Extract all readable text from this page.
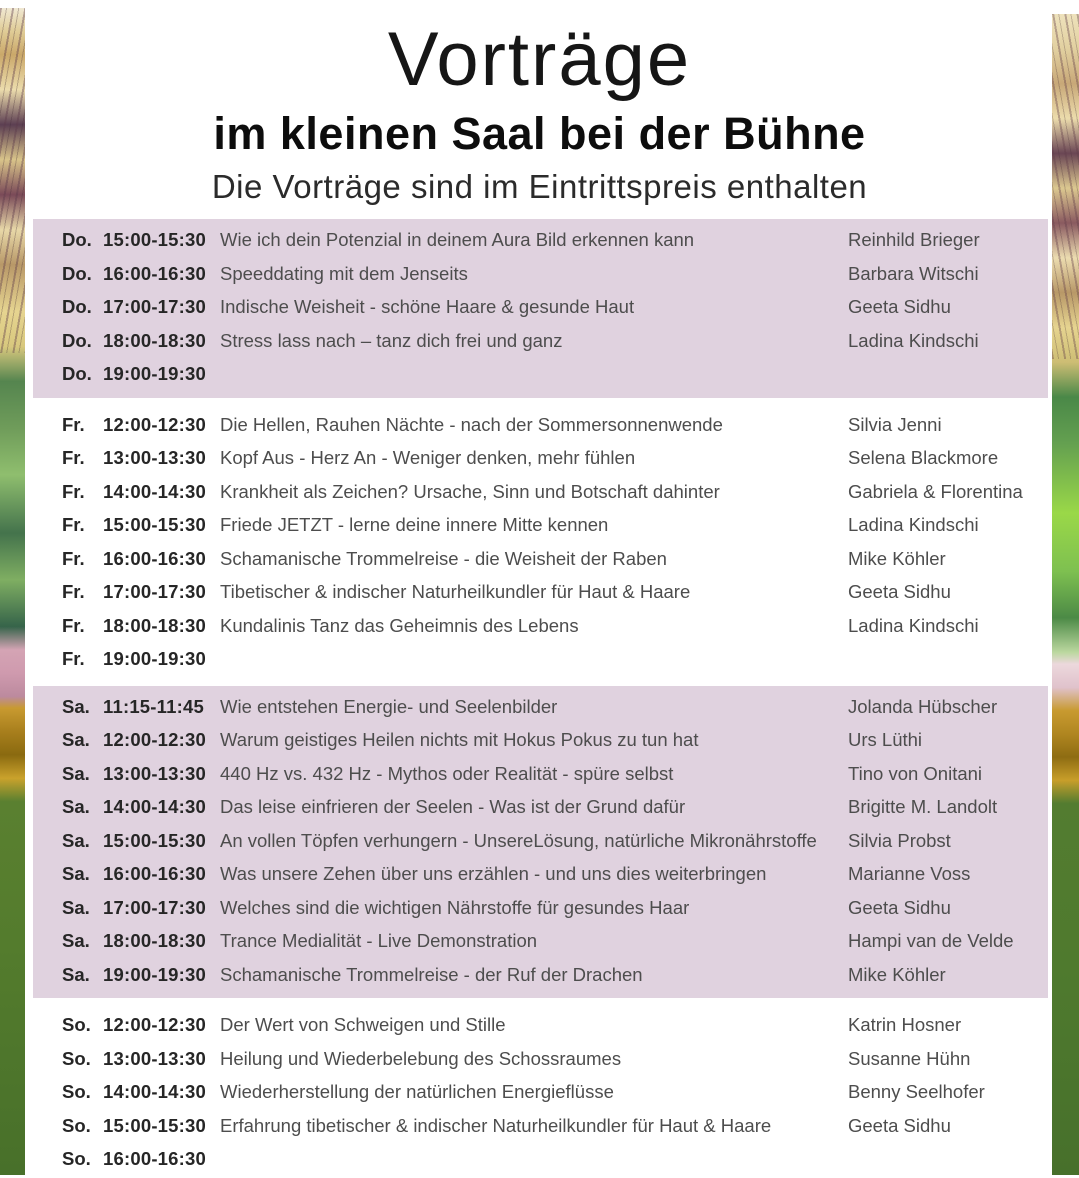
Vorträge
im kleinen Saal bei der Bühne

Die Vorträge sind im Eintrittspreis enthalten

Do. 15:00-15:30 Wie ich dein Potenzial in deinem Aura Bild erkennen kann	Reinhild Brieger
Do. 16:00-16:30 Speeddating mit dem Jenseits	Barbara Witschi
Do. 17:00-17:30 Indische Weisheit - schöne Haare & gesunde Haut	Geeta Sidhu
Do. 18:00-18:30 Stress lass nach – tanz dich frei und ganz	Ladina Kindschi
Do. 19:00-19:30
Fr. 12:00-12:30 Die Hellen, Rauhen Nächte - nach der Sommersonnenwende	Silvia Jenni
Fr. 13:00-13:30 Kopf Aus - Herz An - Weniger denken, mehr fühlen	Selena Blackmore
Fr. 14:00-14:30 Krankheit als Zeichen? Ursache, Sinn und Botschaft dahinter	Gabriela & Florentina
Fr. 15:00-15:30 Friede JETZT - lerne deine innere Mitte kennen	Ladina Kindschi
Fr. 16:00-16:30 Schamanische Trommelreise - die Weisheit der Raben	Mike Köhler
Fr. 17:00-17:30 Tibetischer & indischer Naturheilkundler für Haut & Haare	Geeta Sidhu
Fr. 18:00-18:30 Kundalinis Tanz das Geheimnis des Lebens	Ladina Kindschi
Fr. 19:00-19:30
Sa. 11:15-11:45 Wie entstehen Energie- und Seelenbilder	Jolanda Hübscher
Sa. 12:00-12:30 Warum geistiges Heilen nichts mit Hokus Pokus zu tun hat	Urs Lüthi
Sa. 13:00-13:30 440 Hz vs. 432 Hz - Mythos oder Realität - spüre selbst	Tino von Onitani
Sa. 14:00-14:30 Das leise einfrieren der Seelen - Was ist der Grund dafür	Brigitte M. Landolt
Sa. 15:00-15:30 An vollen Töpfen verhungern - UnsereLösung, natürliche Mikronährstoffe	Silvia Probst
Sa. 16:00-16:30 Was unsere Zehen über uns erzählen - und uns dies weiterbringen	Marianne Voss
Sa. 17:00-17:30 Welches sind die wichtigen Nährstoffe für gesundes Haar	Geeta Sidhu
Sa. 18:00-18:30 Trance Medialität - Live Demonstration	Hampi van de Velde
Sa. 19:00-19:30 Schamanische Trommelreise - der Ruf der Drachen	Mike Köhler
So. 12:00-12:30 Der Wert von Schweigen und Stille	Katrin Hosner
So. 13:00-13:30 Heilung und Wiederbelebung des Schossraumes	Susanne Hühn
So. 14:00-14:30 Wiederherstellung der natürlichen Energieflüsse	Benny Seelhofer
So. 15:00-15:30 Erfahrung tibetischer & indischer Naturheilkundler für Haut & Haare	Geeta Sidhu
So. 16:00-16:30
